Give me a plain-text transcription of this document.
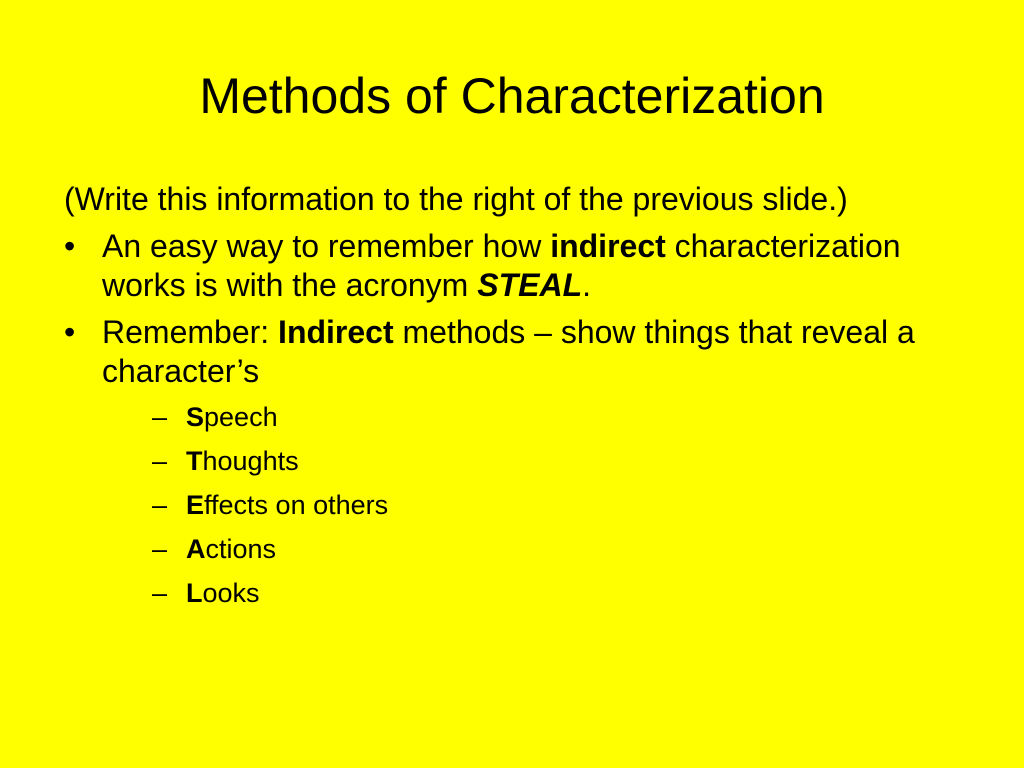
Methods of Characterization

(Write this information to the right of the previous slide.)

• An easy way to remember how indirect characterization works is with the acronym STEAL.
• Remember: Indirect methods – show things that reveal a character’s
– Speech
– Thoughts
– Effects on others
– Actions
– Looks
